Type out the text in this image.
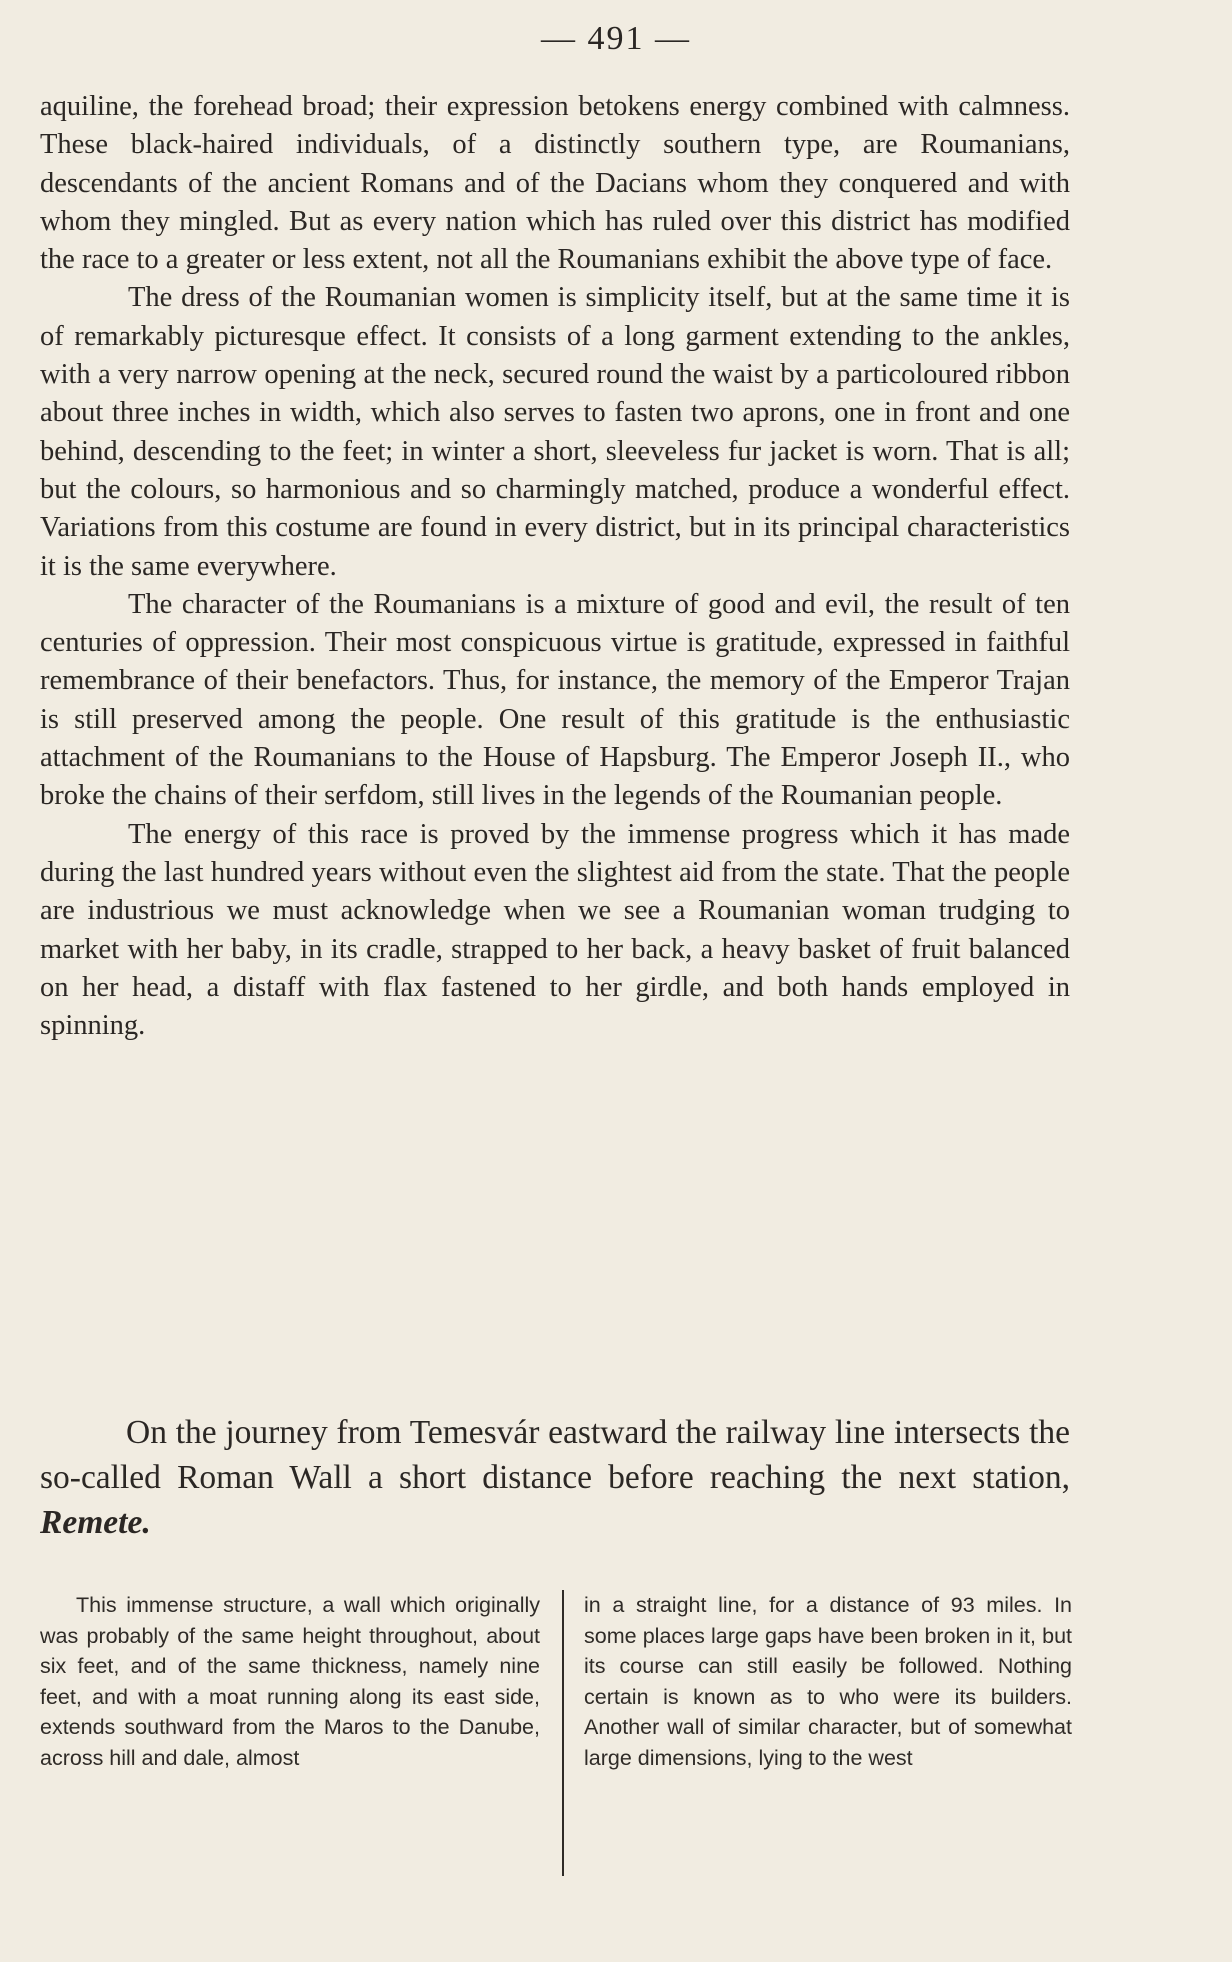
— 491 —

aquiline, the forehead broad; their expression betokens energy combined with calmness. These black-haired individuals, of a distinctly southern type, are Roumanians, descendants of the ancient Romans and of the Dacians whom they conquered and with whom they mingled. But as every nation which has ruled over this district has modified the race to a greater or less extent, not all the Roumanians exhibit the above type of face.

The dress of the Roumanian women is simplicity itself, but at the same time it is of remarkably picturesque effect. It consists of a long garment extending to the ankles, with a very narrow opening at the neck, secured round the waist by a particoloured ribbon about three inches in width, which also serves to fasten two aprons, one in front and one behind, descending to the feet; in winter a short, sleeveless fur jacket is worn. That is all; but the colours, so harmonious and so charmingly matched, produce a wonderful effect. Variations from this costume are found in every district, but in its principal characteristics it is the same everywhere.

The character of the Roumanians is a mixture of good and evil, the result of ten centuries of oppression. Their most conspicuous virtue is gratitude, expressed in faithful remembrance of their benefactors. Thus, for instance, the memory of the Emperor Trajan is still preserved among the people. One result of this gratitude is the enthusiastic attachment of the Roumanians to the House of Hapsburg. The Emperor Joseph II., who broke the chains of their serfdom, still lives in the legends of the Roumanian people.

The energy of this race is proved by the immense progress which it has made during the last hundred years without even the slightest aid from the state. That the people are industrious we must acknowledge when we see a Roumanian woman trudging to market with her baby, in its cradle, strapped to her back, a heavy basket of fruit balanced on her head, a distaff with flax fastened to her girdle, and both hands employed in spinning.

On the journey from Temesvár eastward the railway line intersects the so-called Roman Wall a short distance before reaching the next station, Remete.

This immense structure, a wall which originally was probably of the same height throughout, about six feet, and of the same thickness, namely nine feet, and with a moat running along its east side, extends southward from the Maros to the Danube, across hill and dale, almost

in a straight line, for a distance of 93 miles. In some places large gaps have been broken in it, but its course can still easily be followed. Nothing certain is known as to who were its builders. Another wall of similar character, but of somewhat large dimensions, lying to the west
